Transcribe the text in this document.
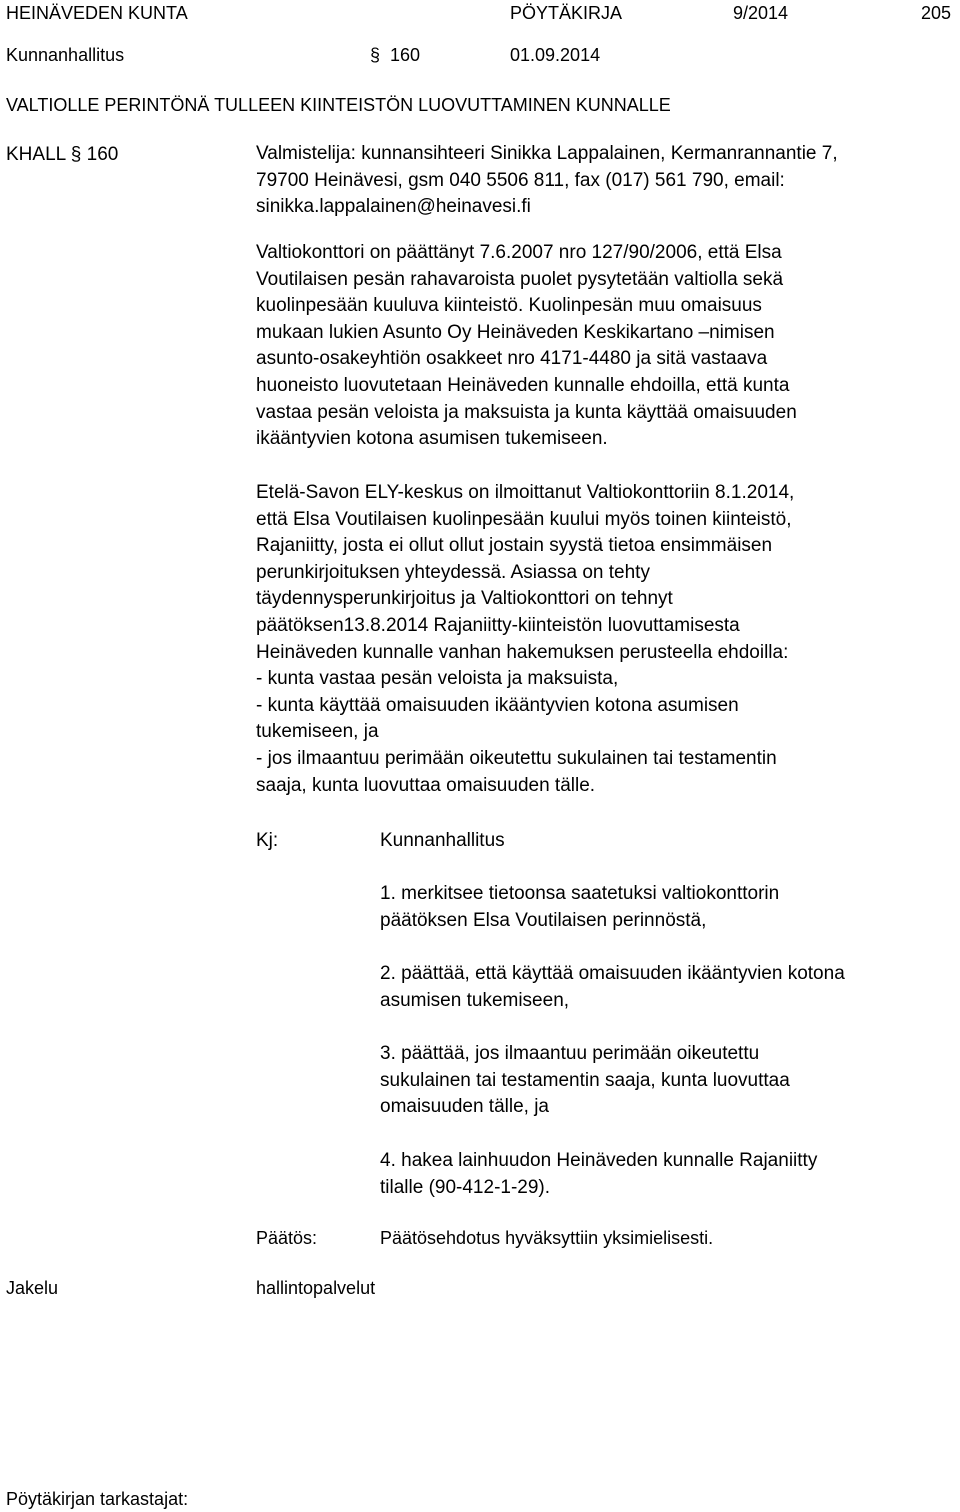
HEINÄVEDEN KUNTA	PÖYTÄKIRJA	9/2014	205
Kunnanhallitus	§ 160	01.09.2014
VALTIOLLE PERINTÖNÄ TULLEEN KIINTEISTÖN LUOVUTTAMINEN KUNNALLE
KHALL § 160	Valmistelija: kunnansihteeri Sinikka Lappalainen, Kermanrannantie 7,
79700 Heinävesi, gsm 040 5506 811, fax (017) 561 790, email:
sinikka.lappalainen@heinavesi.fi
Valtiokonttori on päättänyt 7.6.2007 nro 127/90/2006, että Elsa
Voutilaisen pesän rahavaroista puolet pysytetään valtiolla sekä
kuolinpesään kuuluva kiinteistö. Kuolinpesän muu omaisuus
mukaan lukien Asunto Oy Heinäveden Keskikartano –nimisen
asunto-osakeyhtiön osakkeet nro 4171-4480 ja sitä vastaava
huoneisto luovutetaan Heinäveden kunnalle ehdoilla, että kunta
vastaa pesän veloista ja maksuista ja kunta käyttää omaisuuden
ikääntyvien kotona asumisen tukemiseen.
Etelä-Savon ELY-keskus on ilmoittanut Valtiokonttoriin 8.1.2014,
että Elsa Voutilaisen kuolinpesään kuului myös toinen kiinteistö,
Rajaniitty, josta ei ollut ollut jostain syystä tietoa ensimmäisen
perunkirjoituksen yhteydessä. Asiassa on tehty
täydennysperunkirjoitus ja Valtiokonttori on tehnyt
päätöksen13.8.2014 Rajaniitty-kiinteistön luovuttamisesta
Heinäveden kunnalle vanhan hakemuksen perusteella ehdoilla:
- kunta vastaa pesän veloista ja maksuista,
- kunta käyttää omaisuuden ikääntyvien kotona asumisen
tukemiseen, ja
- jos ilmaantuu perimään oikeutettu sukulainen tai testamentin
saaja, kunta luovuttaa omaisuuden tälle.
Kj:	Kunnanhallitus
1. merkitsee tietoonsa saatetuksi valtiokonttorin
päätöksen Elsa Voutilaisen perinnöstä,
2. päättää, että käyttää omaisuuden ikääntyvien kotona
asumisen tukemiseen,
3. päättää, jos ilmaantuu perimään oikeutettu
sukulainen tai testamentin saaja, kunta luovuttaa
omaisuuden tälle, ja
4. hakea lainhuudon Heinäveden kunnalle Rajaniitty
tilalle (90-412-1-29).
Päätös:	Päätösehdotus hyväksyttiin yksimielisesti.
Jakelu	hallintopalvelut
Pöytäkirjan tarkastajat:
